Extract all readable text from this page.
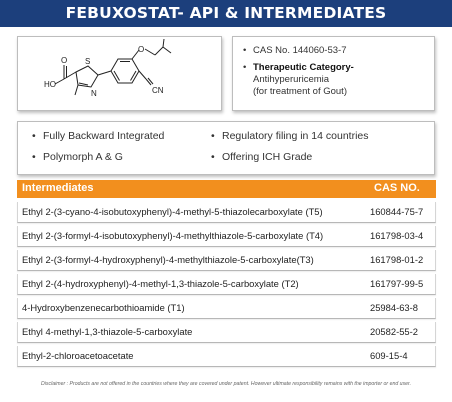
FEBUXOSTAT- API & INTERMEDIATES
HO
O S
N
O
CN
• CAS No. 144060-53-7
• Therapeutic Category-
Antihyperuricemia
(for treatment of Gout)
• Fully Backward Integrated	• Regulatory filing in 14 countries
• Polymorph A & G	• Offering ICH Grade
Intermediates	CAS NO.
Ethyl 2-(3-cyano-4-isobutoxyphenyl)-4-methyl-5-thiazolecarboxylate (T5)	160844-75-7
Ethyl 2-(3-formyl-4-isobutoxyphenyl)-4-methylthiazole-5-carboxylate (T4)	161798-03-4
Ethyl 2-(3-formyl-4-hydroxyphenyl)-4-methylthiazole-5-carboxylate(T3)	161798-01-2
Ethyl 2-(4-hydroxyphenyl)-4-methyl-1,3-thiazole-5-carboxylate (T2)	161797-99-5
4-Hydroxybenzenecarbothioamide (T1)	25984-63-8
Ethyl 4-methyl-1,3-thiazole-5-carboxylate	20582-55-2
Ethyl-2-chloroacetoacetate	609-15-4
Disclaimer : Products are not offered in the countries where they are covered under patent. However ultimate responsibility remains with the importer or end user.
